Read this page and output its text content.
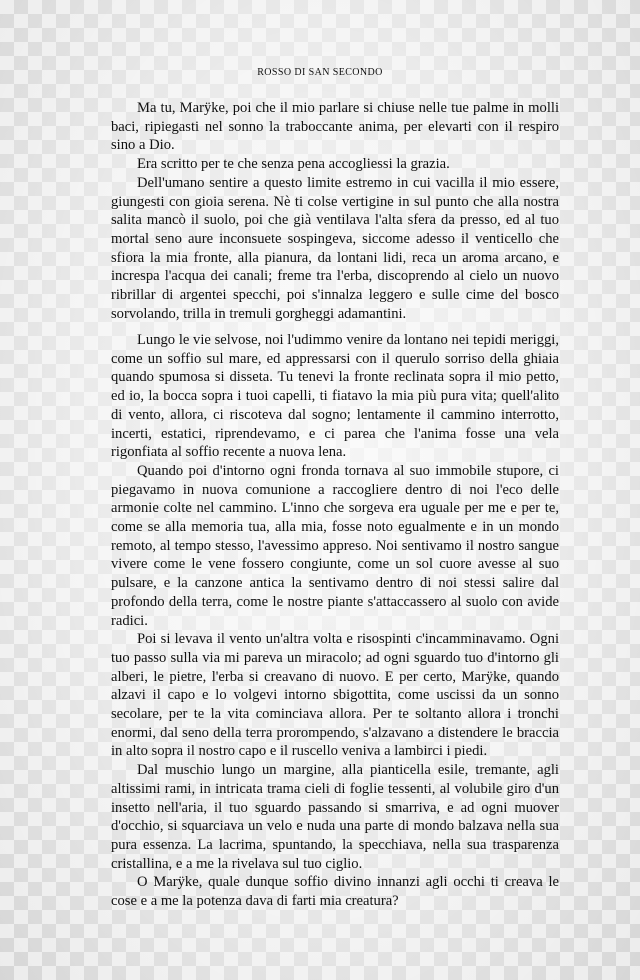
ROSSO DI SAN SECONDO

Ma tu, Marÿke, poi che il mio parlare si chiuse nelle tue palme in molli baci, ripiegasti nel sonno la traboccante anima, per elevarti con il respiro sino a Dio.

Era scritto per te che senza pena accogliessi la grazia.

Dell'umano sentire a questo limite estremo in cui vacilla il mio essere, giungesti con gioia serena. Nè ti colse vertigine in sul punto che alla nostra salita mancò il suolo, poi che già ventilava l'alta sfera da presso, ed al tuo mortal seno aure inconsuete sospingeva, siccome adesso il venticello che sfiora la mia fronte, alla pianura, da lontani lidi, reca un aroma arcano, e increspa l'acqua dei canali; freme tra l'erba, discoprendo al cielo un nuovo ribrillar di argentei specchi, poi s'innalza leggero e sulle cime del bosco sorvolando, trilla in tremuli gorgheggi adamantini.

Lungo le vie selvose, noi l'udimmo venire da lontano nei tepidi meriggi, come un soffio sul mare, ed appressarsi con il querulo sorriso della ghiaia quando spumosa si disseta. Tu tenevi la fronte reclinata sopra il mio petto, ed io, la bocca sopra i tuoi capelli, ti fiatavo la mia più pura vita; quell'alito di vento, allora, ci riscoteva dal sogno; lentamente il cammino interrotto, incerti, estatici, riprendevamo, e ci parea che l'anima fosse una vela rigonfiata al soffio recente a nuova lena.

Quando poi d'intorno ogni fronda tornava al suo immobile stupore, ci piegavamo in nuova comunione a raccogliere dentro di noi l'eco delle armonie colte nel cammino. L'inno che sorgeva era uguale per me e per te, come se alla memoria tua, alla mia, fosse noto egualmente e in un mondo remoto, al tempo stesso, l'avessimo appreso. Noi sentivamo il nostro sangue vivere come le vene fossero congiunte, come un sol cuore avesse al suo pulsare, e la canzone antica la sentivamo dentro di noi stessi salire dal profondo della terra, come le nostre piante s'attaccassero al suolo con avide radici.

Poi si levava il vento un'altra volta e risospinti c'incamminavamo. Ogni tuo passo sulla via mi pareva un miracolo; ad ogni sguardo tuo d'intorno gli alberi, le pietre, l'erba si creavano di nuovo. E per certo, Marÿke, quando alzavi il capo e lo volgevi intorno sbigottita, come uscissi da un sonno secolare, per te la vita cominciava allora. Per te soltanto allora i tronchi enormi, dal seno della terra prorompendo, s'alzavano a distendere le braccia in alto sopra il nostro capo e il ruscello veniva a lambirci i piedi.

Dal muschio lungo un margine, alla pianticella esile, tremante, agli altissimi rami, in intricata trama cieli di foglie tessenti, al volubile giro d'un insetto nell'aria, il tuo sguardo passando si smarriva, e ad ogni muover d'occhio, si squarciava un velo e nuda una parte di mondo balzava nella sua pura essenza. La lacrima, spuntando, la specchiava, nella sua trasparenza cristallina, e a me la rivelava sul tuo ciglio.

O Marÿke, quale dunque soffio divino innanzi agli occhi ti creava le cose e a me la potenza dava di farti mia creatura?
